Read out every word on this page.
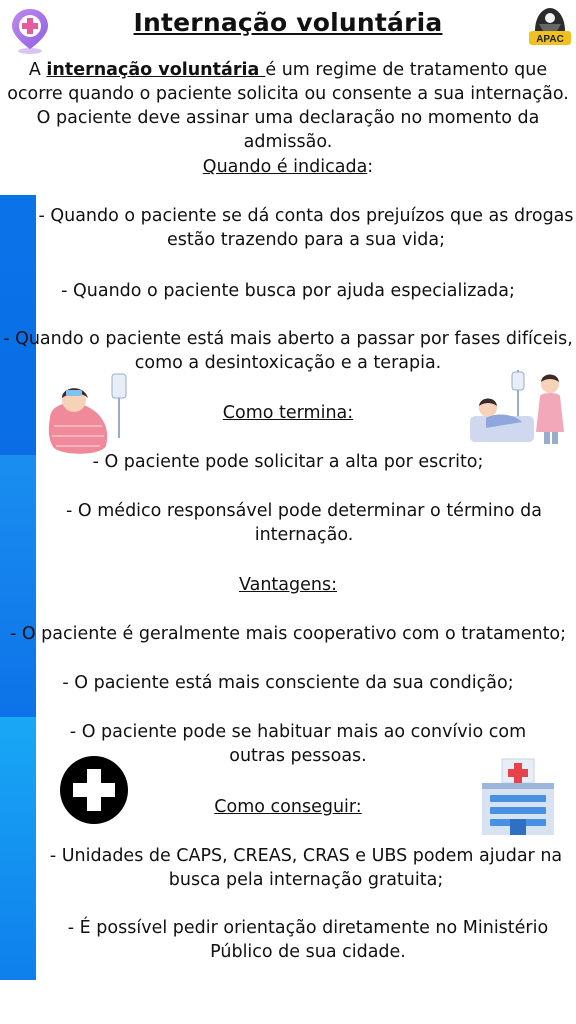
APAC
Internação voluntária

A internação voluntária é um regime de tratamento que ocorre quando o paciente solicita ou consente a sua internação. O paciente deve assinar uma declaração no momento da admissão.

Quando é indicada:

- Quando o paciente se dá conta dos prejuízos que as drogas estão trazendo para a sua vida;

- Quando o paciente busca por ajuda especializada;

- Quando o paciente está mais aberto a passar por fases difíceis, como a desintoxicação e a terapia.

Como termina:

- O paciente pode solicitar a alta por escrito;

- O médico responsável pode determinar o término da internação.

Vantagens:

- O paciente é geralmente mais cooperativo com o tratamento;

- O paciente está mais consciente da sua condição;

- O paciente pode se habituar mais ao convívio com outras pessoas.

Como conseguir:

- Unidades de CAPS, CREAS, CRAS e UBS podem ajudar na busca pela internação gratuita;

- É possível pedir orientação diretamente no Ministério Público de sua cidade.
